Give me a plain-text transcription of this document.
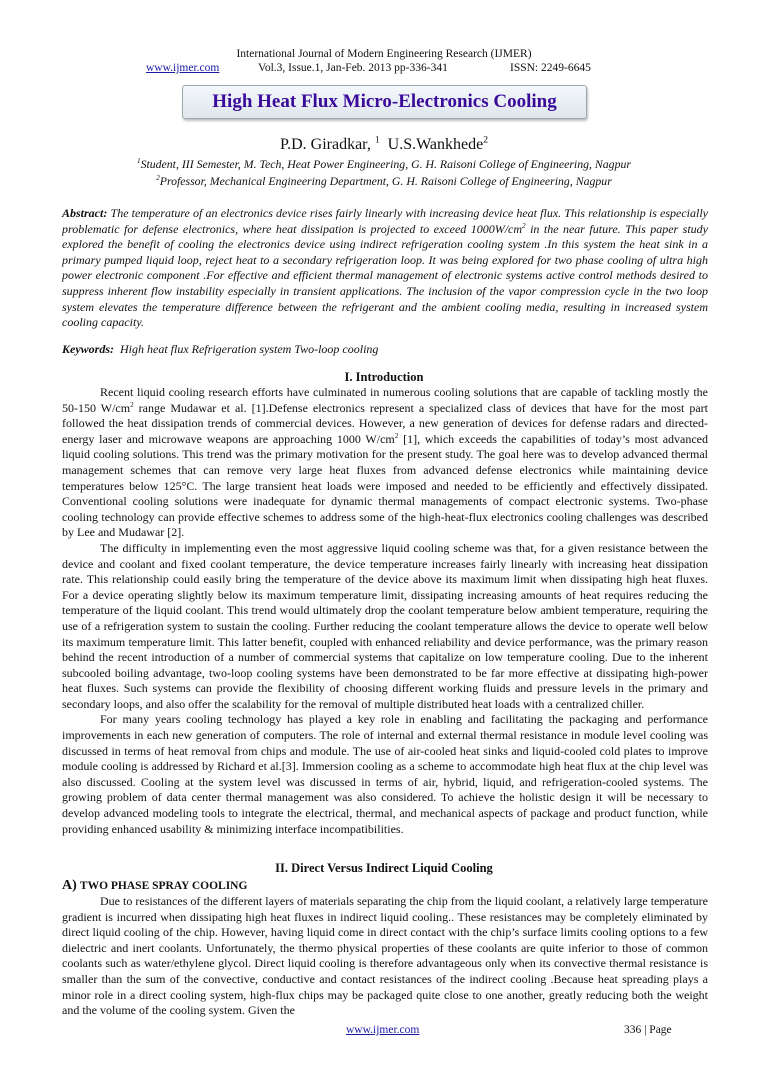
International Journal of Modern Engineering Research (IJMER)
www.ijmer.com	Vol.3, Issue.1, Jan-Feb. 2013 pp-336-341	ISSN: 2249-6645
High Heat Flux Micro-Electronics Cooling
P.D. Giradkar, $^1$ U.S.Wankhede$^2$
$^1$Student, III Semester, M. Tech, Heat Power Engineering, G. H. Raisoni College of Engineering, Nagpur
$^2$Professor, Mechanical Engineering Department, G. H. Raisoni College of Engineering, Nagpur
Abstract: The temperature of an electronics device rises fairly linearly with increasing device heat flux. This relationship is especially problematic for defense electronics, where heat dissipation is projected to exceed $1000W/cm^2$ in the near future. This paper study explored the benefit of cooling the electronics device using indirect refrigeration cooling system .In this system the heat sink in a primary pumped liquid loop, reject heat to a secondary refrigeration loop. It was being explored for two phase cooling of ultra high power electronic component .For effective and efficient thermal management of electronic systems active control methods desired to suppress inherent flow instability especially in transient applications. The inclusion of the vapor compression cycle in the two loop system elevates the temperature difference between the refrigerant and the ambient cooling media, resulting in increased system cooling capacity.
Keywords: High heat flux Refrigeration system Two-loop cooling
I. Introduction

Recent liquid cooling research efforts have culminated in numerous cooling solutions that are capable of tackling mostly the 50-150 $W/cm^2$ range Mudawar et al. [1].Defense electronics represent a specialized class of devices that have for the most part followed the heat dissipation trends of commercial devices. However, a new generation of devices for defense radars and directed-energy laser and microwave weapons are approaching 1000 $W/cm^2$ [1], which exceeds the capabilities of today’s most advanced liquid cooling solutions. This trend was the primary motivation for the present study. The goal here was to develop advanced thermal management schemes that can remove very large heat fluxes from advanced defense electronics while maintaining device temperatures below 125°C. The large transient heat loads were imposed and needed to be efficiently and effectively dissipated. Conventional cooling solutions were inadequate for dynamic thermal managements of compact electronic systems. Two-phase cooling technology can provide effective schemes to address some of the high-heat-flux electronics cooling challenges was described by Lee and Mudawar [2].

The difficulty in implementing even the most aggressive liquid cooling scheme was that, for a given resistance between the device and coolant and fixed coolant temperature, the device temperature increases fairly linearly with increasing heat dissipation rate. This relationship could easily bring the temperature of the device above its maximum limit when dissipating high heat fluxes. For a device operating slightly below its maximum temperature limit, dissipating increasing amounts of heat requires reducing the temperature of the liquid coolant. This trend would ultimately drop the coolant temperature below ambient temperature, requiring the use of a refrigeration system to sustain the cooling. Further reducing the coolant temperature allows the device to operate well below its maximum temperature limit. This latter benefit, coupled with enhanced reliability and device performance, was the primary reason behind the recent introduction of a number of commercial systems that capitalize on low temperature cooling. Due to the inherent subcooled boiling advantage, two-loop cooling systems have been demonstrated to be far more effective at dissipating high-power heat fluxes. Such systems can provide the flexibility of choosing different working fluids and pressure levels in the primary and secondary loops, and also offer the scalability for the removal of multiple distributed heat loads with a centralized chiller.

For many years cooling technology has played a key role in enabling and facilitating the packaging and performance improvements in each new generation of computers. The role of internal and external thermal resistance in module level cooling was discussed in terms of heat removal from chips and module. The use of air-cooled heat sinks and liquid-cooled cold plates to improve module cooling is addressed by Richard et al.[3]. Immersion cooling as a scheme to accommodate high heat flux at the chip level was also discussed. Cooling at the system level was discussed in terms of air, hybrid, liquid, and refrigeration-cooled systems. The growing problem of data center thermal management was also considered. To achieve the holistic design it will be necessary to develop advanced modeling tools to integrate the electrical, thermal, and mechanical aspects of package and product function, while providing enhanced usability & minimizing interface incompatibilities.

II. Direct Versus Indirect Liquid Cooling
A) TWO PHASE SPRAY COOLING

Due to resistances of the different layers of materials separating the chip from the liquid coolant, a relatively large temperature gradient is incurred when dissipating high heat fluxes in indirect liquid cooling.. These resistances may be completely eliminated by direct liquid cooling of the chip. However, having liquid come in direct contact with the chip’s surface limits cooling options to a few dielectric and inert coolants. Unfortunately, the thermo physical properties of these coolants are quite inferior to those of common coolants such as water/ethylene glycol. Direct liquid cooling is therefore advantageous only when its convective thermal resistance is smaller than the sum of the convective, conductive and contact resistances of the indirect cooling .Because heat spreading plays a minor role in a direct cooling system, high-flux chips may be packaged quite close to one another, greatly reducing both the weight and the volume of the cooling system. Given the

www.ijmer.com	336 | Page
